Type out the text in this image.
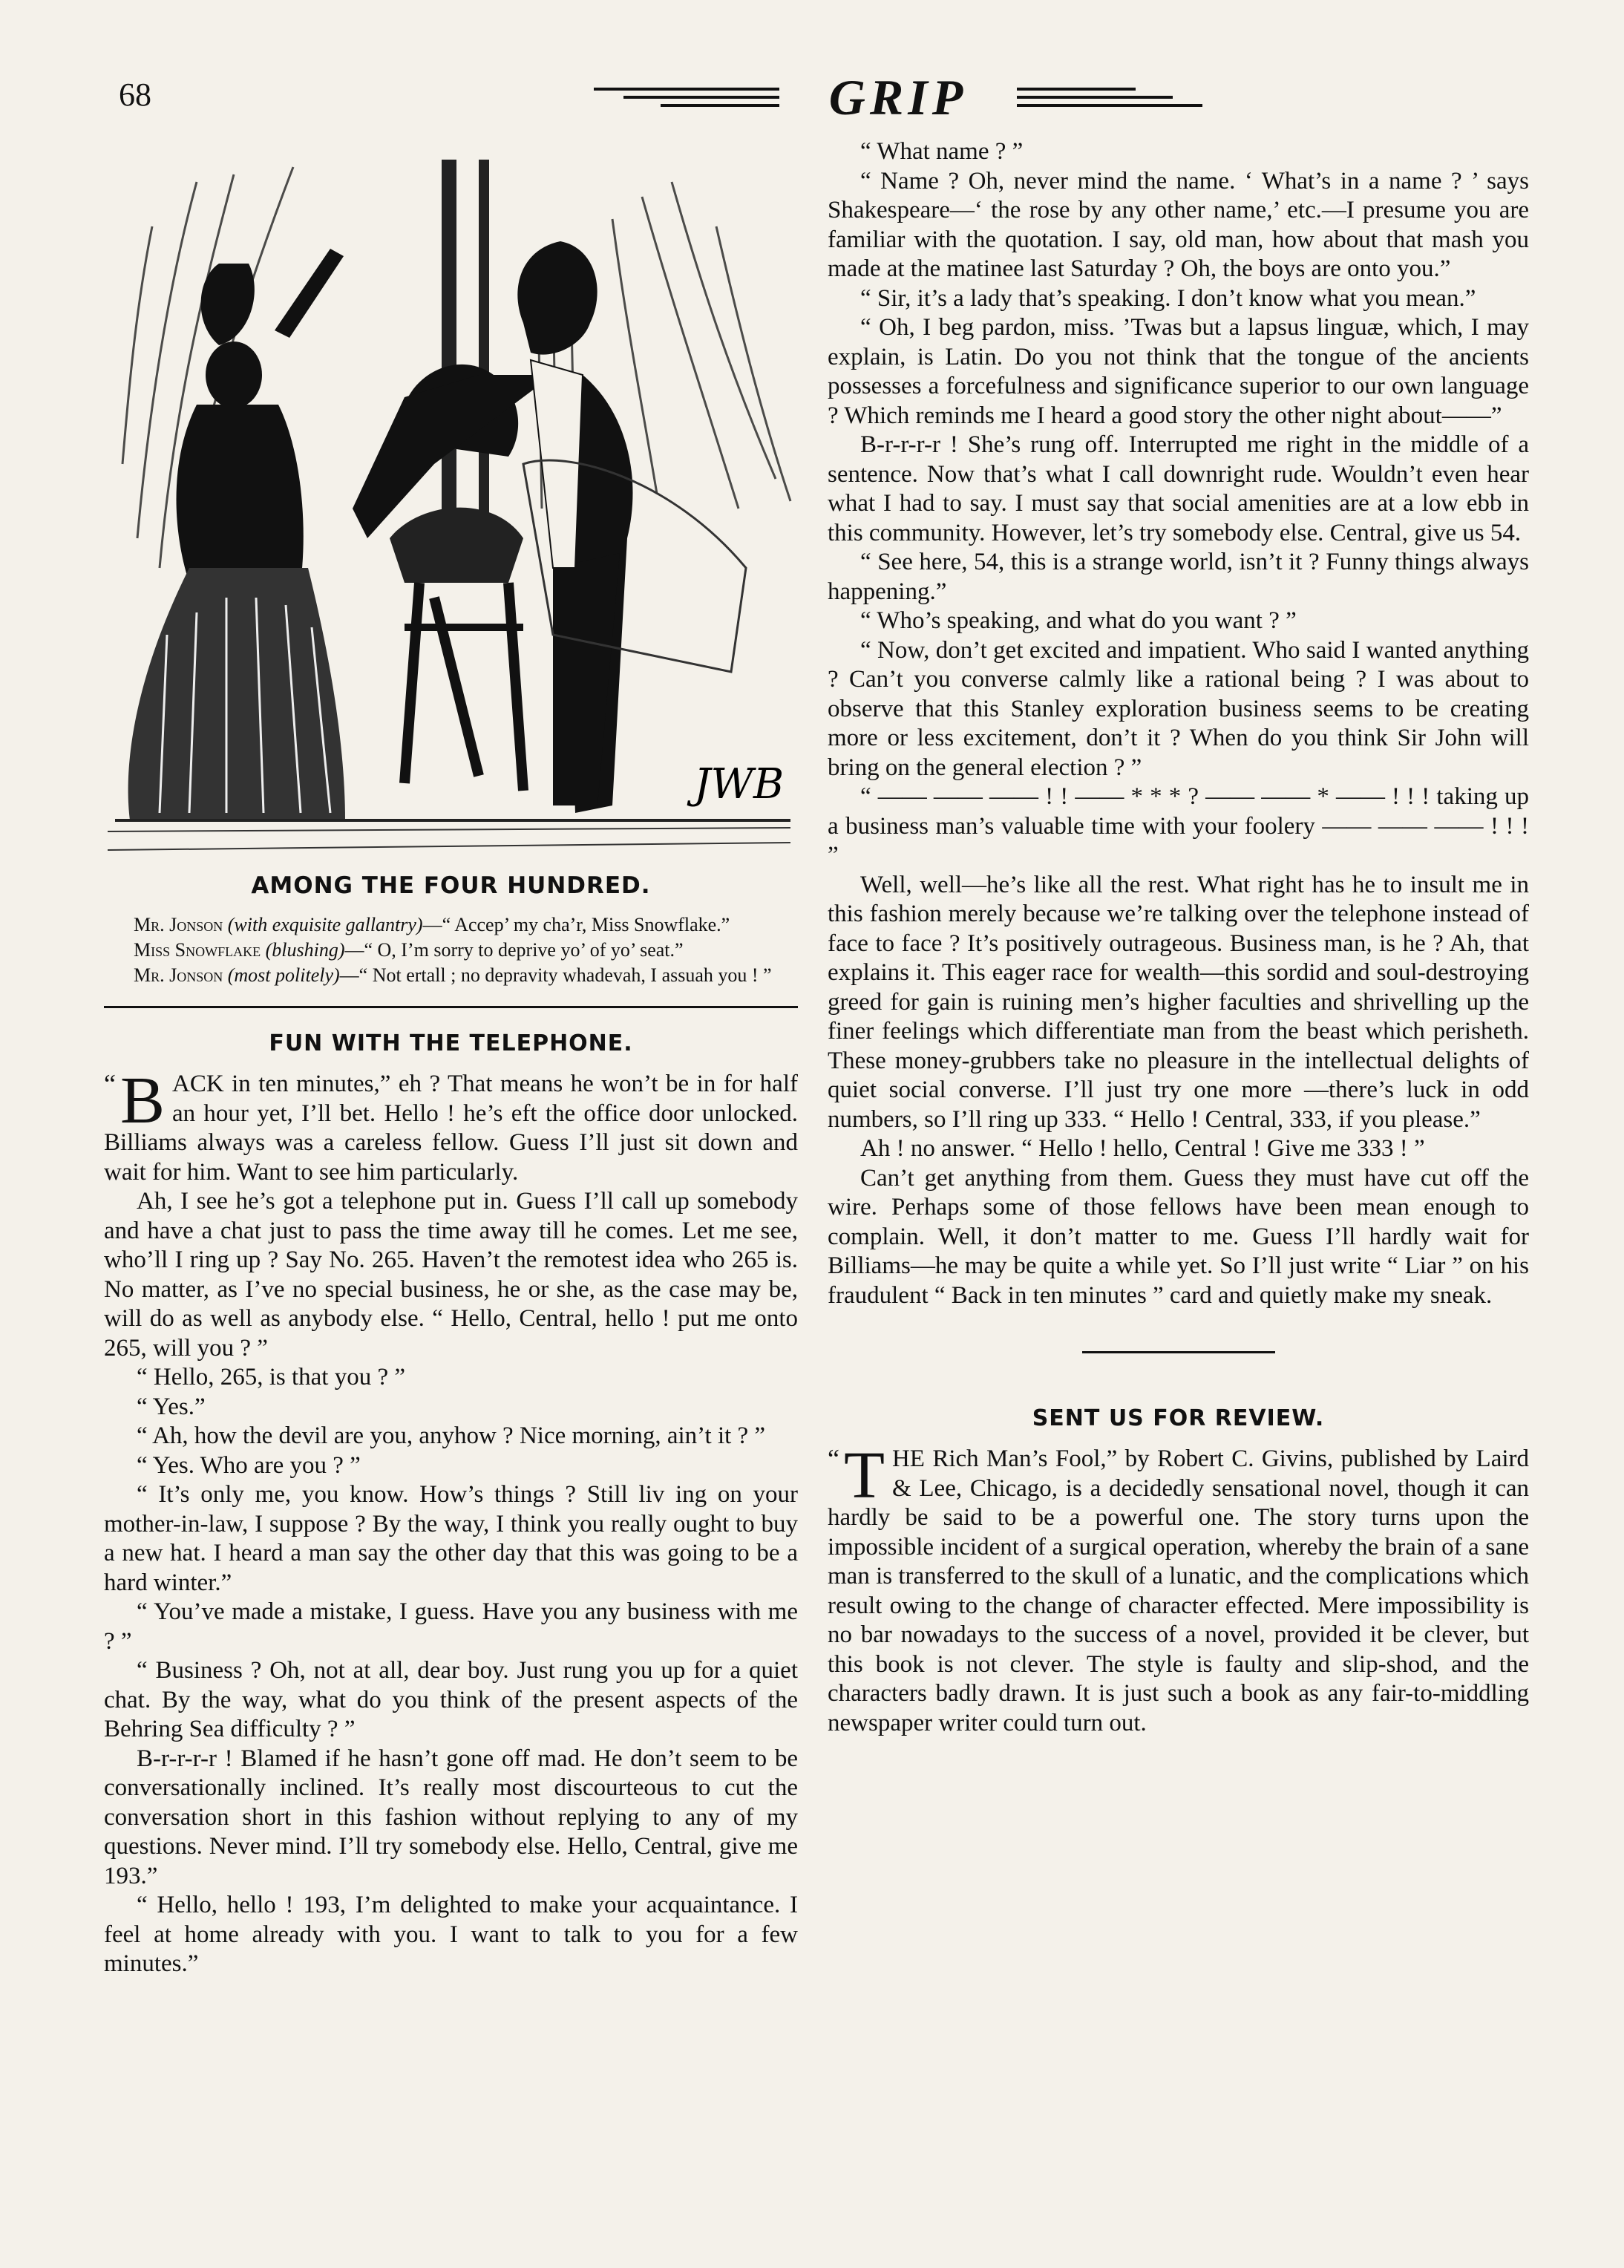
68	GRIP
JWB
AMONG THE FOUR HUNDRED.

Mr. Jonson (with exquisite gallantry)—“ Accep’ my cha’r, Miss Snowflake.”

Miss Snowflake (blushing)—“ O, I’m sorry to deprive yo’ of yo’ seat.”

Mr. Jonson (most politely)—“ Not ertall ; no depravity whadevah, I assuah you ! ”

FUN WITH THE TELEPHONE.

“ B ACK in ten minutes,” eh ? That means he won’t be in for half an hour yet, I’ll bet. Hello ! he’s eft the office door unlocked. Billiams always was a careless fellow. Guess I’ll just sit down and wait for him. Want to see him particularly.

Ah, I see he’s got a telephone put in. Guess I’ll call up somebody and have a chat just to pass the time away till he comes. Let me see, who’ll I ring up ? Say No. 265. Haven’t the remotest idea who 265 is. No matter, as I’ve no special business, he or she, as the case may be, will do as well as anybody else. “ Hello, Central, hello ! put me onto 265, will you ? ”

“ Hello, 265, is that you ? ”

“ Yes.”

“ Ah, how the devil are you, anyhow ? Nice morning, ain’t it ? ”

“ Yes. Who are you ? ”

“ It’s only me, you know. How’s things ? Still liv ing on your mother-in-law, I suppose ? By the way, I think you really ought to buy a new hat. I heard a man say the other day that this was going to be a hard winter.”

“ You’ve made a mistake, I guess. Have you any business with me ? ”

“ Business ? Oh, not at all, dear boy. Just rung you up for a quiet chat. By the way, what do you think of the present aspects of the Behring Sea difficulty ? ”

B-r-r-r-r ! Blamed if he hasn’t gone off mad. He don’t seem to be conversationally inclined. It’s really most discourteous to cut the conversation short in this fashion without replying to any of my questions. Never mind. I’ll try somebody else. Hello, Central, give me 193.”

“ Hello, hello ! 193, I’m delighted to make your acquaintance. I feel at home already with you. I want to talk to you for a few minutes.”

“ What name ? ”

“ Name ? Oh, never mind the name. ‘ What’s in a name ? ’ says Shakespeare—‘ the rose by any other name,’ etc.—I presume you are familiar with the quotation. I say, old man, how about that mash you made at the matinee last Saturday ? Oh, the boys are onto you.”

“ Sir, it’s a lady that’s speaking. I don’t know what you mean.”

“ Oh, I beg pardon, miss. ’Twas but a lapsus linguæ, which, I may explain, is Latin. Do you not think that the tongue of the ancients possesses a forcefulness and significance superior to our own language ? Which reminds me I heard a good story the other night about——”

B-r-r-r-r ! She’s rung off. Interrupted me right in the middle of a sentence. Now that’s what I call downright rude. Wouldn’t even hear what I had to say. I must say that social amenities are at a low ebb in this community. However, let’s try somebody else. Central, give us 54.

“ See here, 54, this is a strange world, isn’t it ? Funny things always happening.”

“ Who’s speaking, and what do you want ? ”

“ Now, don’t get excited and impatient. Who said I wanted anything ? Can’t you converse calmly like a rational being ? I was about to observe that this Stanley exploration business seems to be creating more or less excitement, don’t it ? When do you think Sir John will bring on the general election ? ”

“ —— —— —— ! ! —— * * * ? —— —— * —— ! ! ! taking up a business man’s valuable time with your foolery —— —— —— ! ! ! ”

Well, well—he’s like all the rest. What right has he to insult me in this fashion merely because we’re talking over the telephone instead of face to face ? It’s positively outrageous. Business man, is he ? Ah, that explains it. This eager race for wealth—this sordid and soul-destroying greed for gain is ruining men’s higher faculties and shrivelling up the finer feelings which differentiate man from the beast which perisheth. These money-grubbers take no pleasure in the intellectual delights of quiet social converse. I’ll just try one more —there’s luck in odd numbers, so I’ll ring up 333. “ Hello ! Central, 333, if you please.”

Ah ! no answer. “ Hello ! hello, Central ! Give me 333 ! ”

Can’t get anything from them. Guess they must have cut off the wire. Perhaps some of those fellows have been mean enough to complain. Well, it don’t matter to me. Guess I’ll hardly wait for Billiams—he may be quite a while yet. So I’ll just write “ Liar ” on his fraudulent “ Back in ten minutes ” card and quietly make my sneak.

SENT US FOR REVIEW.

“ T HE Rich Man’s Fool,” by Robert C. Givins, published by Laird & Lee, Chicago, is a decidedly sensational novel, though it can hardly be said to be a powerful one. The story turns upon the impossible incident of a surgical operation, whereby the brain of a sane man is transferred to the skull of a lunatic, and the complications which result owing to the change of character effected. Mere impossibility is no bar nowadays to the success of a novel, provided it be clever, but this book is not clever. The style is faulty and slip-shod, and the characters badly drawn. It is just such a book as any fair-to-middling newspaper writer could turn out.
